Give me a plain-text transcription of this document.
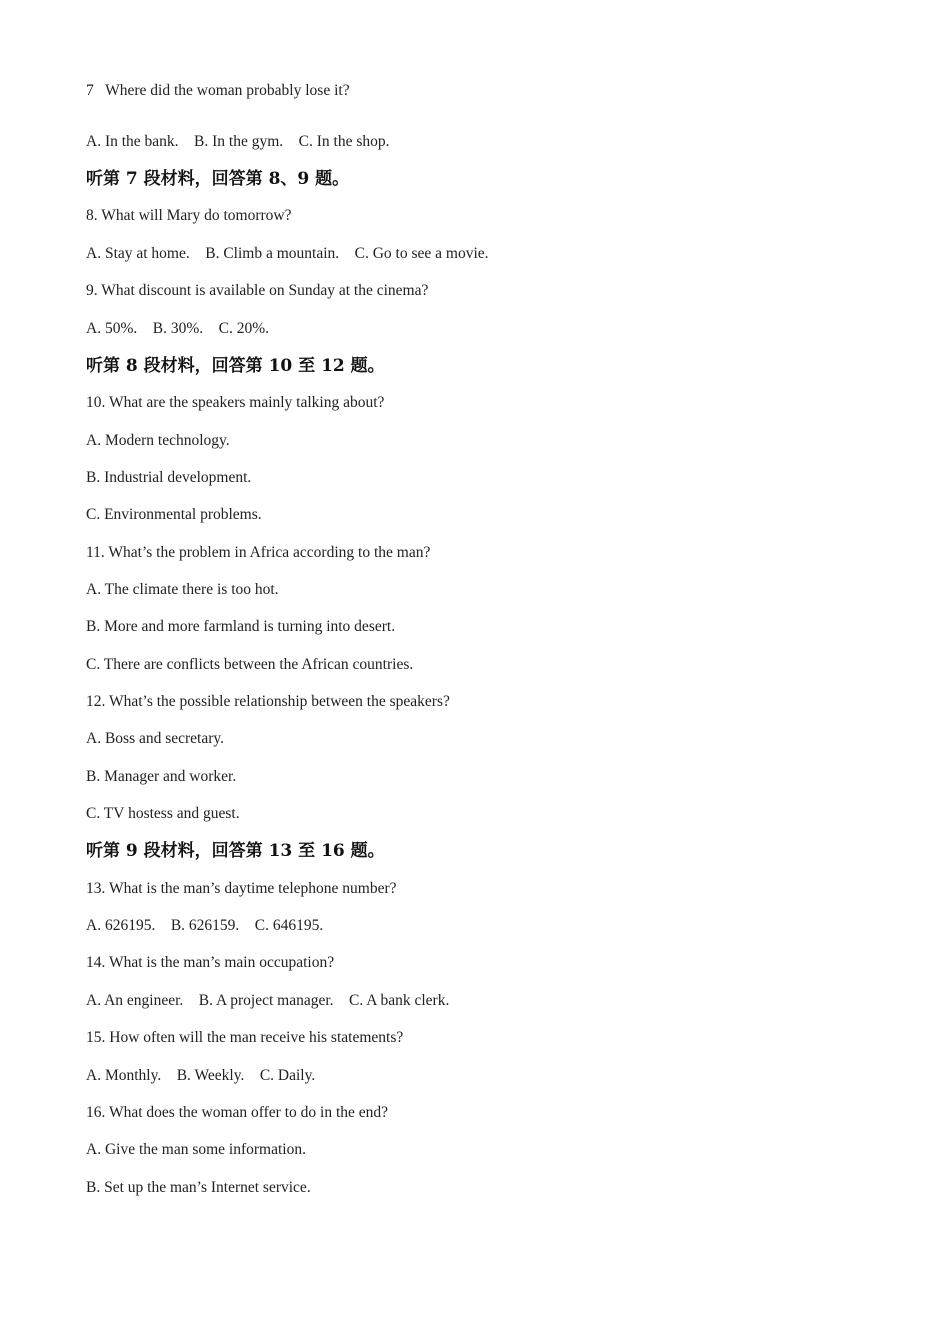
7   Where did the woman probably lose it?
A. In the bank.    B. In the gym.    C. In the shop.
听第 7 段材料，回答第 8、9 题。
8. What will Mary do tomorrow?
A. Stay at home.    B. Climb a mountain.    C. Go to see a movie.
9. What discount is available on Sunday at the cinema?
A. 50%.    B. 30%.    C. 20%.
听第 8 段材料，回答第 10 至 12 题。
10. What are the speakers mainly talking about?
A. Modern technology.
B. Industrial development.
C. Environmental problems.
11. What’s the problem in Africa according to the man?
A. The climate there is too hot.
B. More and more farmland is turning into desert.
C. There are conflicts between the African countries.
12. What’s the possible relationship between the speakers?
A. Boss and secretary.
B. Manager and worker.
C. TV hostess and guest.
听第 9 段材料，回答第 13 至 16 题。
13. What is the man’s daytime telephone number?
A. 626195.    B. 626159.    C. 646195.
14. What is the man’s main occupation?
A. An engineer.    B. A project manager.    C. A bank clerk.
15. How often will the man receive his statements?
A. Monthly.    B. Weekly.    C. Daily.
16. What does the woman offer to do in the end?
A. Give the man some information.
B. Set up the man’s Internet service.
